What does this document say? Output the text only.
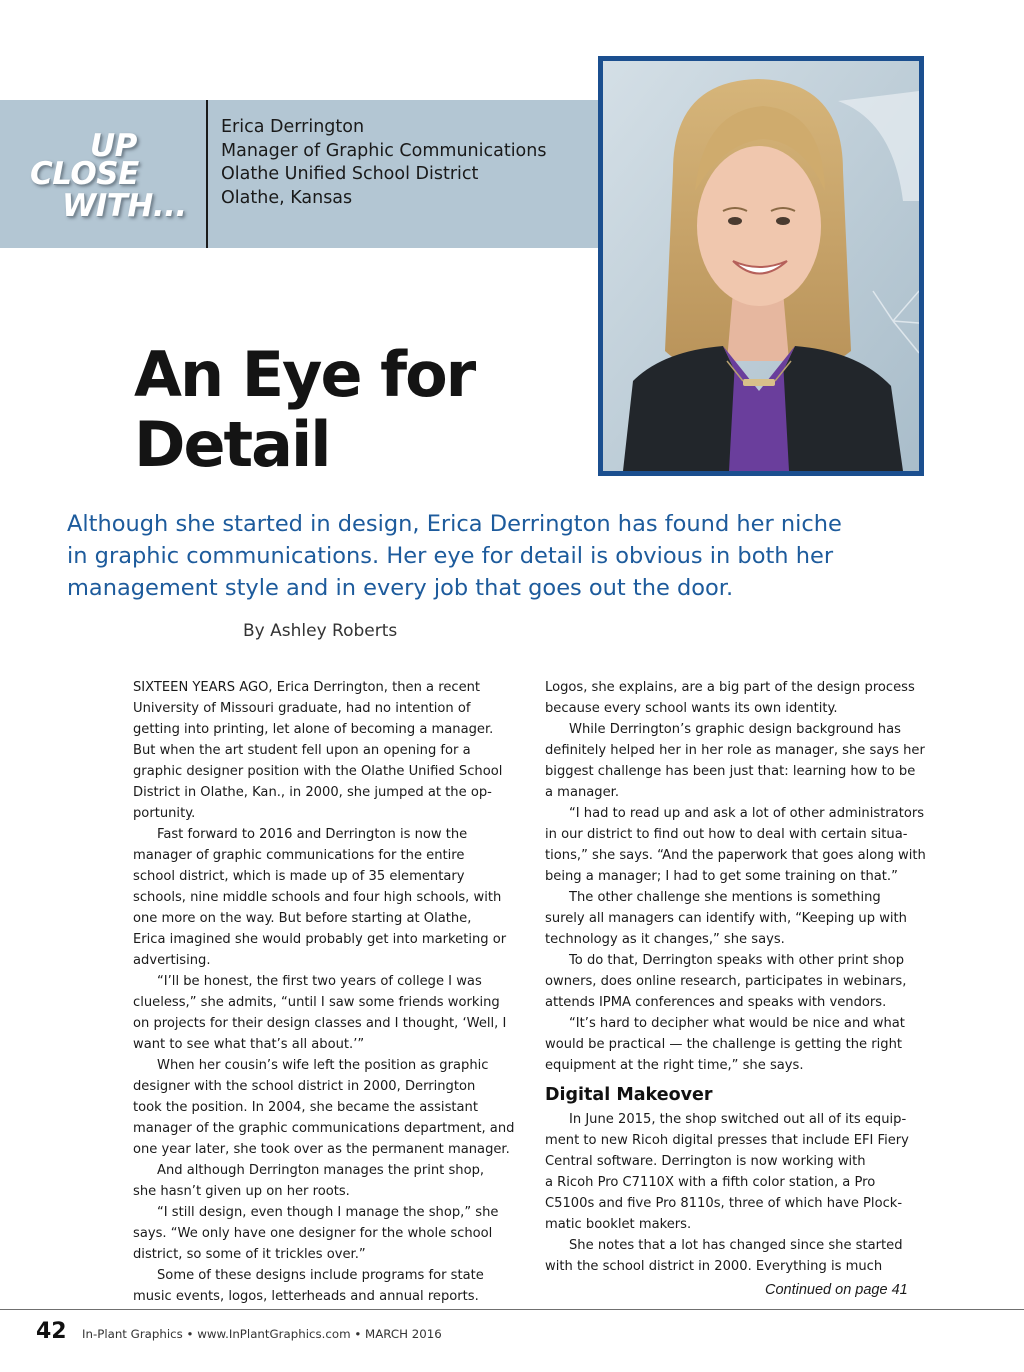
UP
CLOSE
WITH...
Erica Derrington
Manager of Graphic Communications
Olathe Unified School District
Olathe, Kansas
An Eye for
Detail
Although she started in design, Erica Derrington has found her niche
in graphic communications. Her eye for detail is obvious in both her
management style and in every job that goes out the door.
By Ashley Roberts
SIXTEEN YEARS AGO, Erica Derrington, then a recent
University of Missouri graduate, had no intention of
getting into printing, let alone of becoming a manager.
But when the art student fell upon an opening for a
graphic designer position with the Olathe Unified School
District in Olathe, Kan., in 2000, she jumped at the op-
portunity.
Fast forward to 2016 and Derrington is now the
manager of graphic communications for the entire
school district, which is made up of 35 elementary
schools, nine middle schools and four high schools, with
one more on the way. But before starting at Olathe,
Erica imagined she would probably get into marketing or
advertising.
“I’ll be honest, the first two years of college I was
clueless,” she admits, “until I saw some friends working
on projects for their design classes and I thought, ‘Well, I
want to see what that’s all about.’”
When her cousin’s wife left the position as graphic
designer with the school district in 2000, Derrington
took the position. In 2004, she became the assistant
manager of the graphic communications department, and
one year later, she took over as the permanent manager.
And although Derrington manages the print shop,
she hasn’t given up on her roots.
“I still design, even though I manage the shop,” she
says. “We only have one designer for the whole school
district, so some of it trickles over.”
Some of these designs include programs for state
music events, logos, letterheads and annual reports.
Logos, she explains, are a big part of the design process
because every school wants its own identity.
While Derrington’s graphic design background has
definitely helped her in her role as manager, she says her
biggest challenge has been just that: learning how to be
a manager.
“I had to read up and ask a lot of other administrators
in our district to find out how to deal with certain situa-
tions,” she says. “And the paperwork that goes along with
being a manager; I had to get some training on that.”
The other challenge she mentions is something
surely all managers can identify with, “Keeping up with
technology as it changes,” she says.
To do that, Derrington speaks with other print shop
owners, does online research, participates in webinars,
attends IPMA conferences and speaks with vendors.
“It’s hard to decipher what would be nice and what
would be practical — the challenge is getting the right
equipment at the right time,” she says.
Digital Makeover
In June 2015, the shop switched out all of its equip-
ment to new Ricoh digital presses that include EFI Fiery
Central software. Derrington is now working with
a Ricoh Pro C7110X with a fifth color station, a Pro
C5100s and five Pro 8110s, three of which have Plock-
matic booklet makers.
She notes that a lot has changed since she started
with the school district in 2000. Everything is much
Continued on page 41
42 In-Plant Graphics • www.InPlantGraphics.com • MARCH 2016
